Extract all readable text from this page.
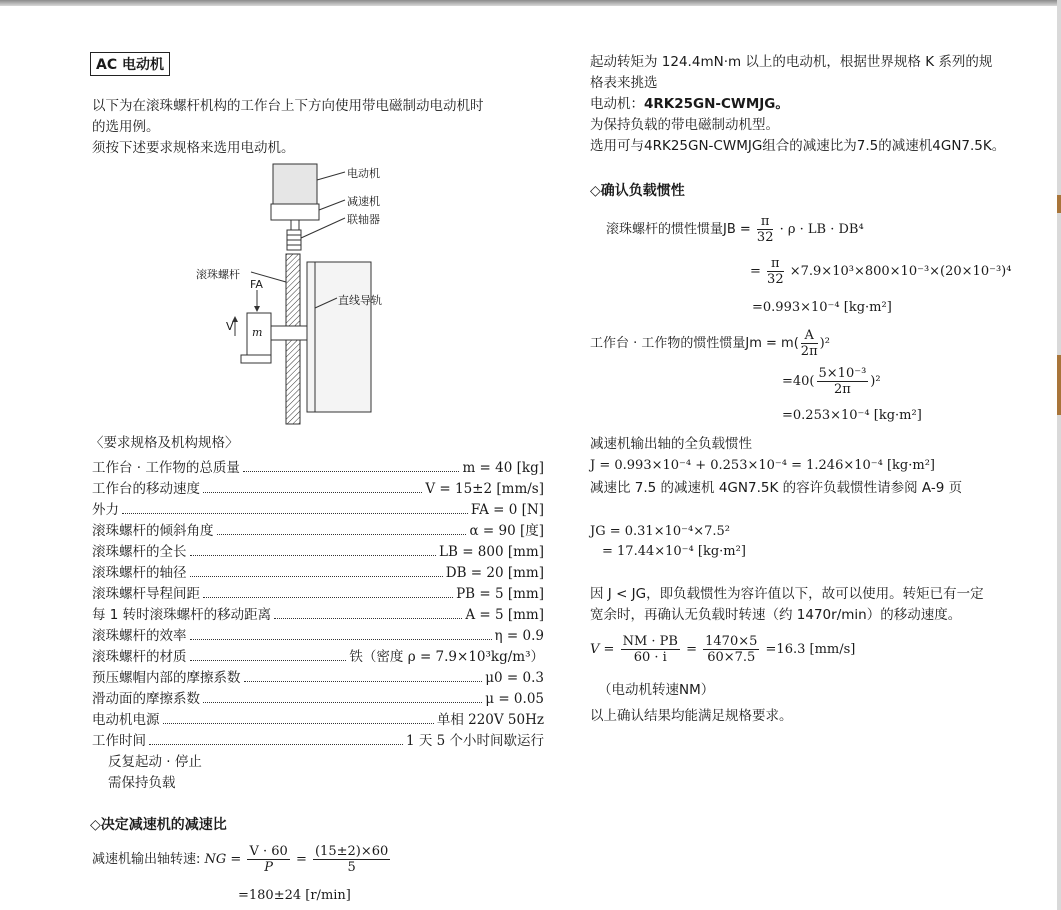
AC 电动机
以下为在滚珠螺杆机构的工作台上下方向使用带电磁制动电动机时
的选用例。
须按下述要求规格来选用电动机。
电动机
减速机
联轴器
滚珠螺杆
FA
直线导轨
V m
〈要求规格及机构规格〉
工作台 · 工作物的总质量	m = 40 [kg]
工作台的移动速度	V = 15±2 [mm/s]
外力	FA = 0 [N]
滚珠螺杆的倾斜角度	α = 90 [度]
滚珠螺杆的全长	LB = 800 [mm]
滚珠螺杆的轴径	DB = 20 [mm]
滚珠螺杆导程间距	PB = 5 [mm]
每 1 转时滚珠螺杆的移动距离	A = 5 [mm]
滚珠螺杆的效率	η = 0.9
滚珠螺杆的材质	铁（密度 ρ = 7.9×10³kg/m³）
预压螺帽内部的摩擦系数	μ0 = 0.3
滑动面的摩擦系数	μ = 0.05
电动机电源	单相 220V 50Hz
工作时间	1 天 5 个小时间歇运行
反复起动 · 停止
需保持负载
◇决定减速机的减速比
减速机输出轴转速: NG = $\frac{V \cdot 60}{P} = \frac{(15\pm 2)\times 60}{5}$
=180±24 [r/min]
起动转矩为 124.4mN·m 以上的电动机，根据世界规格 K 系列的规
格表来挑选
电动机：4RK25GN-CWMJG。
为保持负载的带电磁制动机型。
选用可与4RK25GN-CWMJG组合的减速比为7.5的减速机4GN7.5K。
◇确认负载惯性
滚珠螺杆的惯性惯量JB = $\frac{\pi}{32} \cdot \rho$ · LB · DB⁴
= $\frac{\pi}{32} \times 7.9\times 10^3\times 800\times 10^{-3}\times(20\times 10^{-3})^4$
=0.993×10⁻⁴ [kg·m²]
工作台 · 工作物的惯性惯量$Jm = m( \frac{A}{2\pi} )^2$
$=40( \frac{\text{5×10⁻³}}{2\pi} )^2$
=0.253×10⁻⁴ [kg·m²]
减速机输出轴的全负载惯性
J = 0.993×10⁻⁴ + 0.253×10⁻⁴ = 1.246×10⁻⁴ [kg·m²]
减速比 7.5 的减速机 4GN7.5K 的容许负载惯性请参阅 A-9 页
JG = 0.31×10⁻⁴×7.5²
= 17.44×10⁻⁴ [kg·m²]
因 J < JG，即负载惯性为容许值以下，故可以使用。转矩已有一定
宽余时，再确认无负载时转速（约 1470r/min）的移动速度。
$V = \frac{NM \cdot PB}{60 \cdot i} = \frac{1470\times 5}{60\times 7.5} =16.3$ [mm/s]
（电动机转速NM）
以上确认结果均能满足规格要求。
